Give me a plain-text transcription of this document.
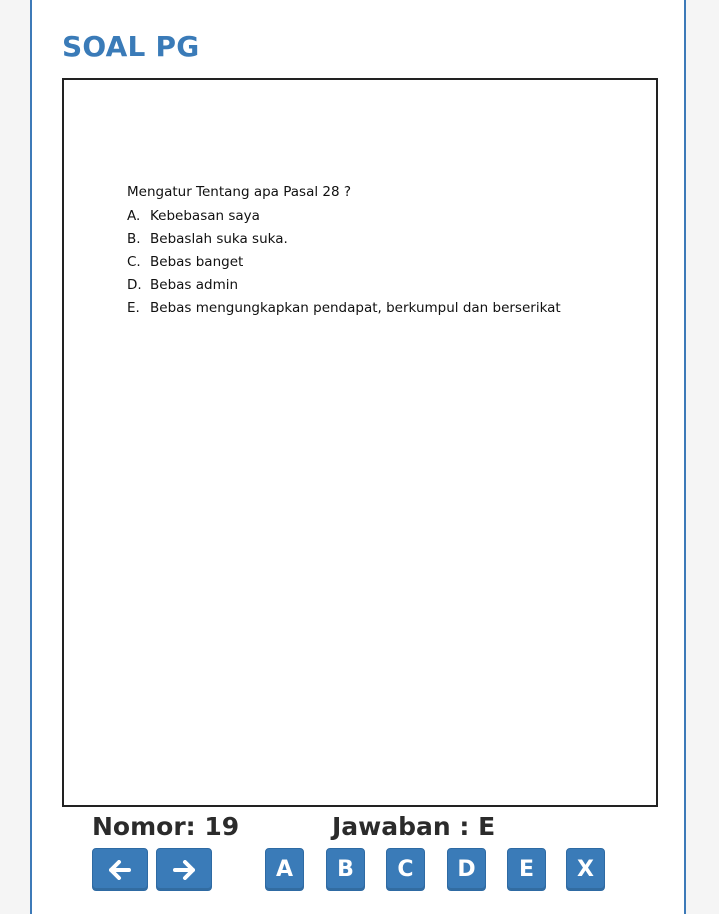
SOAL PG

Mengatur Tentang apa Pasal 28 ?

A. Kebebasan saya
B. Bebaslah suka suka.
C. Bebas banget
D. Bebas admin
E. Bebas mengungkapkan pendapat, berkumpul dan berserikat

Nomor: 19	Jawaban : E

A	B	C	D	E	X
